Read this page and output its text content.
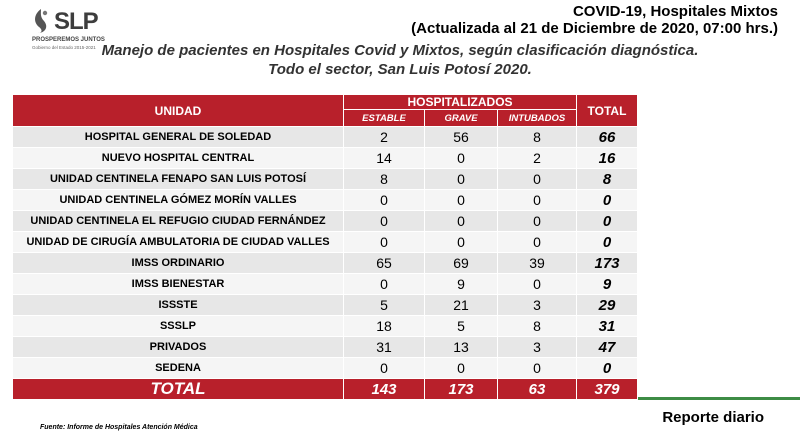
SLP
PROSPEREMOS JUNTOS
Gobierno del Estado 2015-2021
COVID-19, Hospitales Mixtos
(Actualizada al 21 de Diciembre de 2020, 07:00 hrs.)
Manejo de pacientes en Hospitales Covid y Mixtos, según clasificación diagnóstica.
Todo el sector, San Luis Potosí 2020.
UNIDAD	HOSPITALIZADOS			TOTAL
	ESTABLE	GRAVE	INTUBADOS	
HOSPITAL GENERAL DE SOLEDAD	2	56	8	66
NUEVO HOSPITAL CENTRAL	14	0	2	16
UNIDAD CENTINELA FENAPO SAN LUIS POTOSÍ	8	0	0	8
UNIDAD CENTINELA GÓMEZ MORÍN VALLES	0	0	0	0
UNIDAD CENTINELA EL REFUGIO CIUDAD FERNÁNDEZ	0	0	0	0
UNIDAD DE CIRUGÍA AMBULATORIA DE CIUDAD VALLES	0	0	0	0
IMSS ORDINARIO	65	69	39	173
IMSS BIENESTAR	0	9	0	9
ISSSTE	5	21	3	29
SSSLP	18	5	8	31
PRIVADOS	31	13	3	47
SEDENA	0	0	0	0
TOTAL	143	173	63	379
Reporte diario
Fuente: Informe de Hospitales Atención Médica
